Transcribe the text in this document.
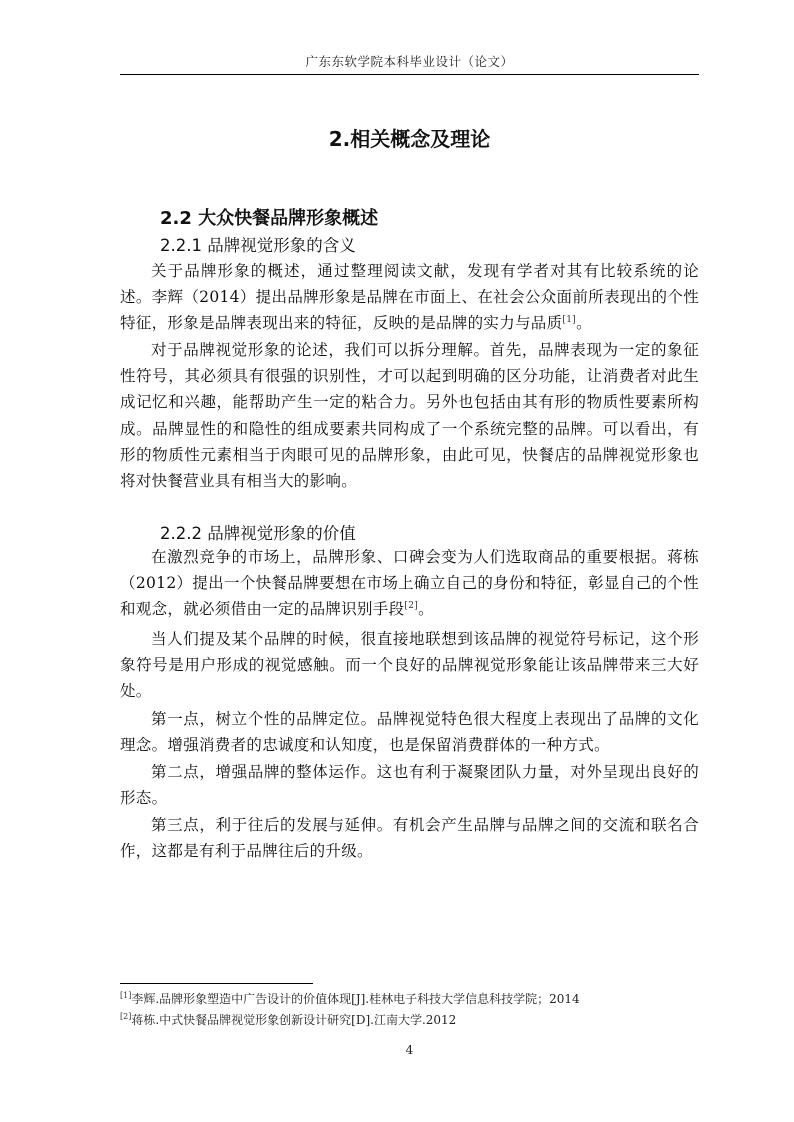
广东东软学院本科毕业设计（论文）
2.相关概念及理论
2.2 大众快餐品牌形象概述
2.2.1 品牌视觉形象的含义

关于品牌形象的概述，通过整理阅读文献，发现有学者对其有比较系统的论述。李辉（2014）提出品牌形象是品牌在市面上、在社会公众面前所表现出的个性特征，形象是品牌表现出来的特征，反映的是品牌的实力与品质[1]。

对于品牌视觉形象的论述，我们可以拆分理解。首先，品牌表现为一定的象征性符号，其必须具有很强的识别性，才可以起到明确的区分功能，让消费者对此生成记忆和兴趣，能帮助产生一定的粘合力。另外也包括由其有形的物质性要素所构成。品牌显性的和隐性的组成要素共同构成了一个系统完整的品牌。可以看出，有形的物质性元素相当于肉眼可见的品牌形象，由此可见，快餐店的品牌视觉形象也将对快餐营业具有相当大的影响。

2.2.2 品牌视觉形象的价值

在激烈竞争的市场上，品牌形象、口碑会变为人们选取商品的重要根据。蒋栋（2012）提出一个快餐品牌要想在市场上确立自己的身份和特征，彰显自己的个性和观念，就必须借由一定的品牌识别手段[2]。

当人们提及某个品牌的时候，很直接地联想到该品牌的视觉符号标记，这个形象符号是用户形成的视觉感触。而一个良好的品牌视觉形象能让该品牌带来三大好处。

第一点，树立个性的品牌定位。品牌视觉特色很大程度上表现出了品牌的文化理念。增强消费者的忠诚度和认知度，也是保留消费群体的一种方式。

第二点，增强品牌的整体运作。这也有利于凝聚团队力量，对外呈现出良好的形态。

第三点，利于往后的发展与延伸。有机会产生品牌与品牌之间的交流和联名合作，这都是有利于品牌往后的升级。

[1]李辉.品牌形象塑造中广告设计的价值体现[J].桂林电子科技大学信息科技学院；2014
[2]蒋栋.中式快餐品牌视觉形象创新设计研究[D].江南大学.2012
4
